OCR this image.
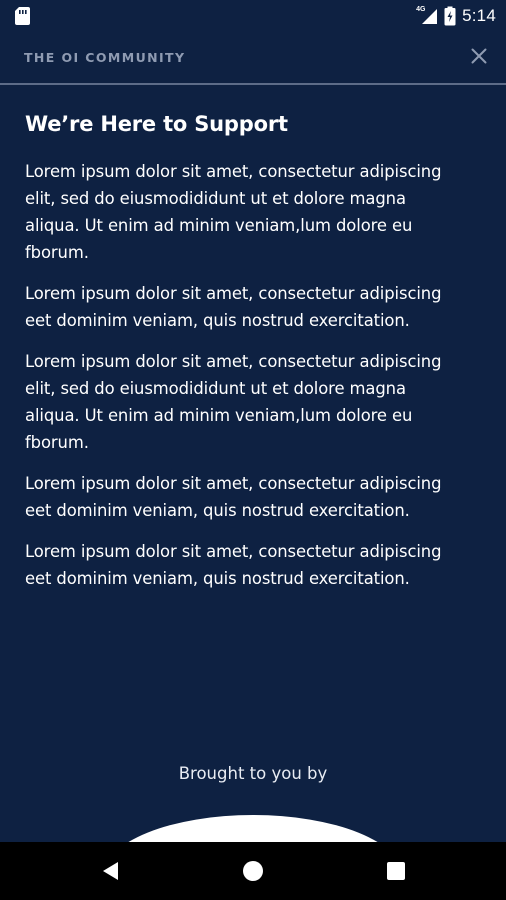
4G 5:14
THE OI COMMUNITY
We’re Here to Support

Lorem ipsum dolor sit amet, consectetur adipiscing elit, sed do eiusmodididunt ut et dolore magna aliqua. Ut enim ad minim veniam,lum dolore eu fborum.

Lorem ipsum dolor sit amet, consectetur adipiscing eet dominim veniam, quis nostrud exercitation.

Lorem ipsum dolor sit amet, consectetur adipiscing elit, sed do eiusmodididunt ut et dolore magna aliqua. Ut enim ad minim veniam,lum dolore eu fborum.

Lorem ipsum dolor sit amet, consectetur adipiscing eet dominim veniam, quis nostrud exercitation.

Lorem ipsum dolor sit amet, consectetur adipiscing eet dominim veniam, quis nostrud exercitation.

Brought to you by
